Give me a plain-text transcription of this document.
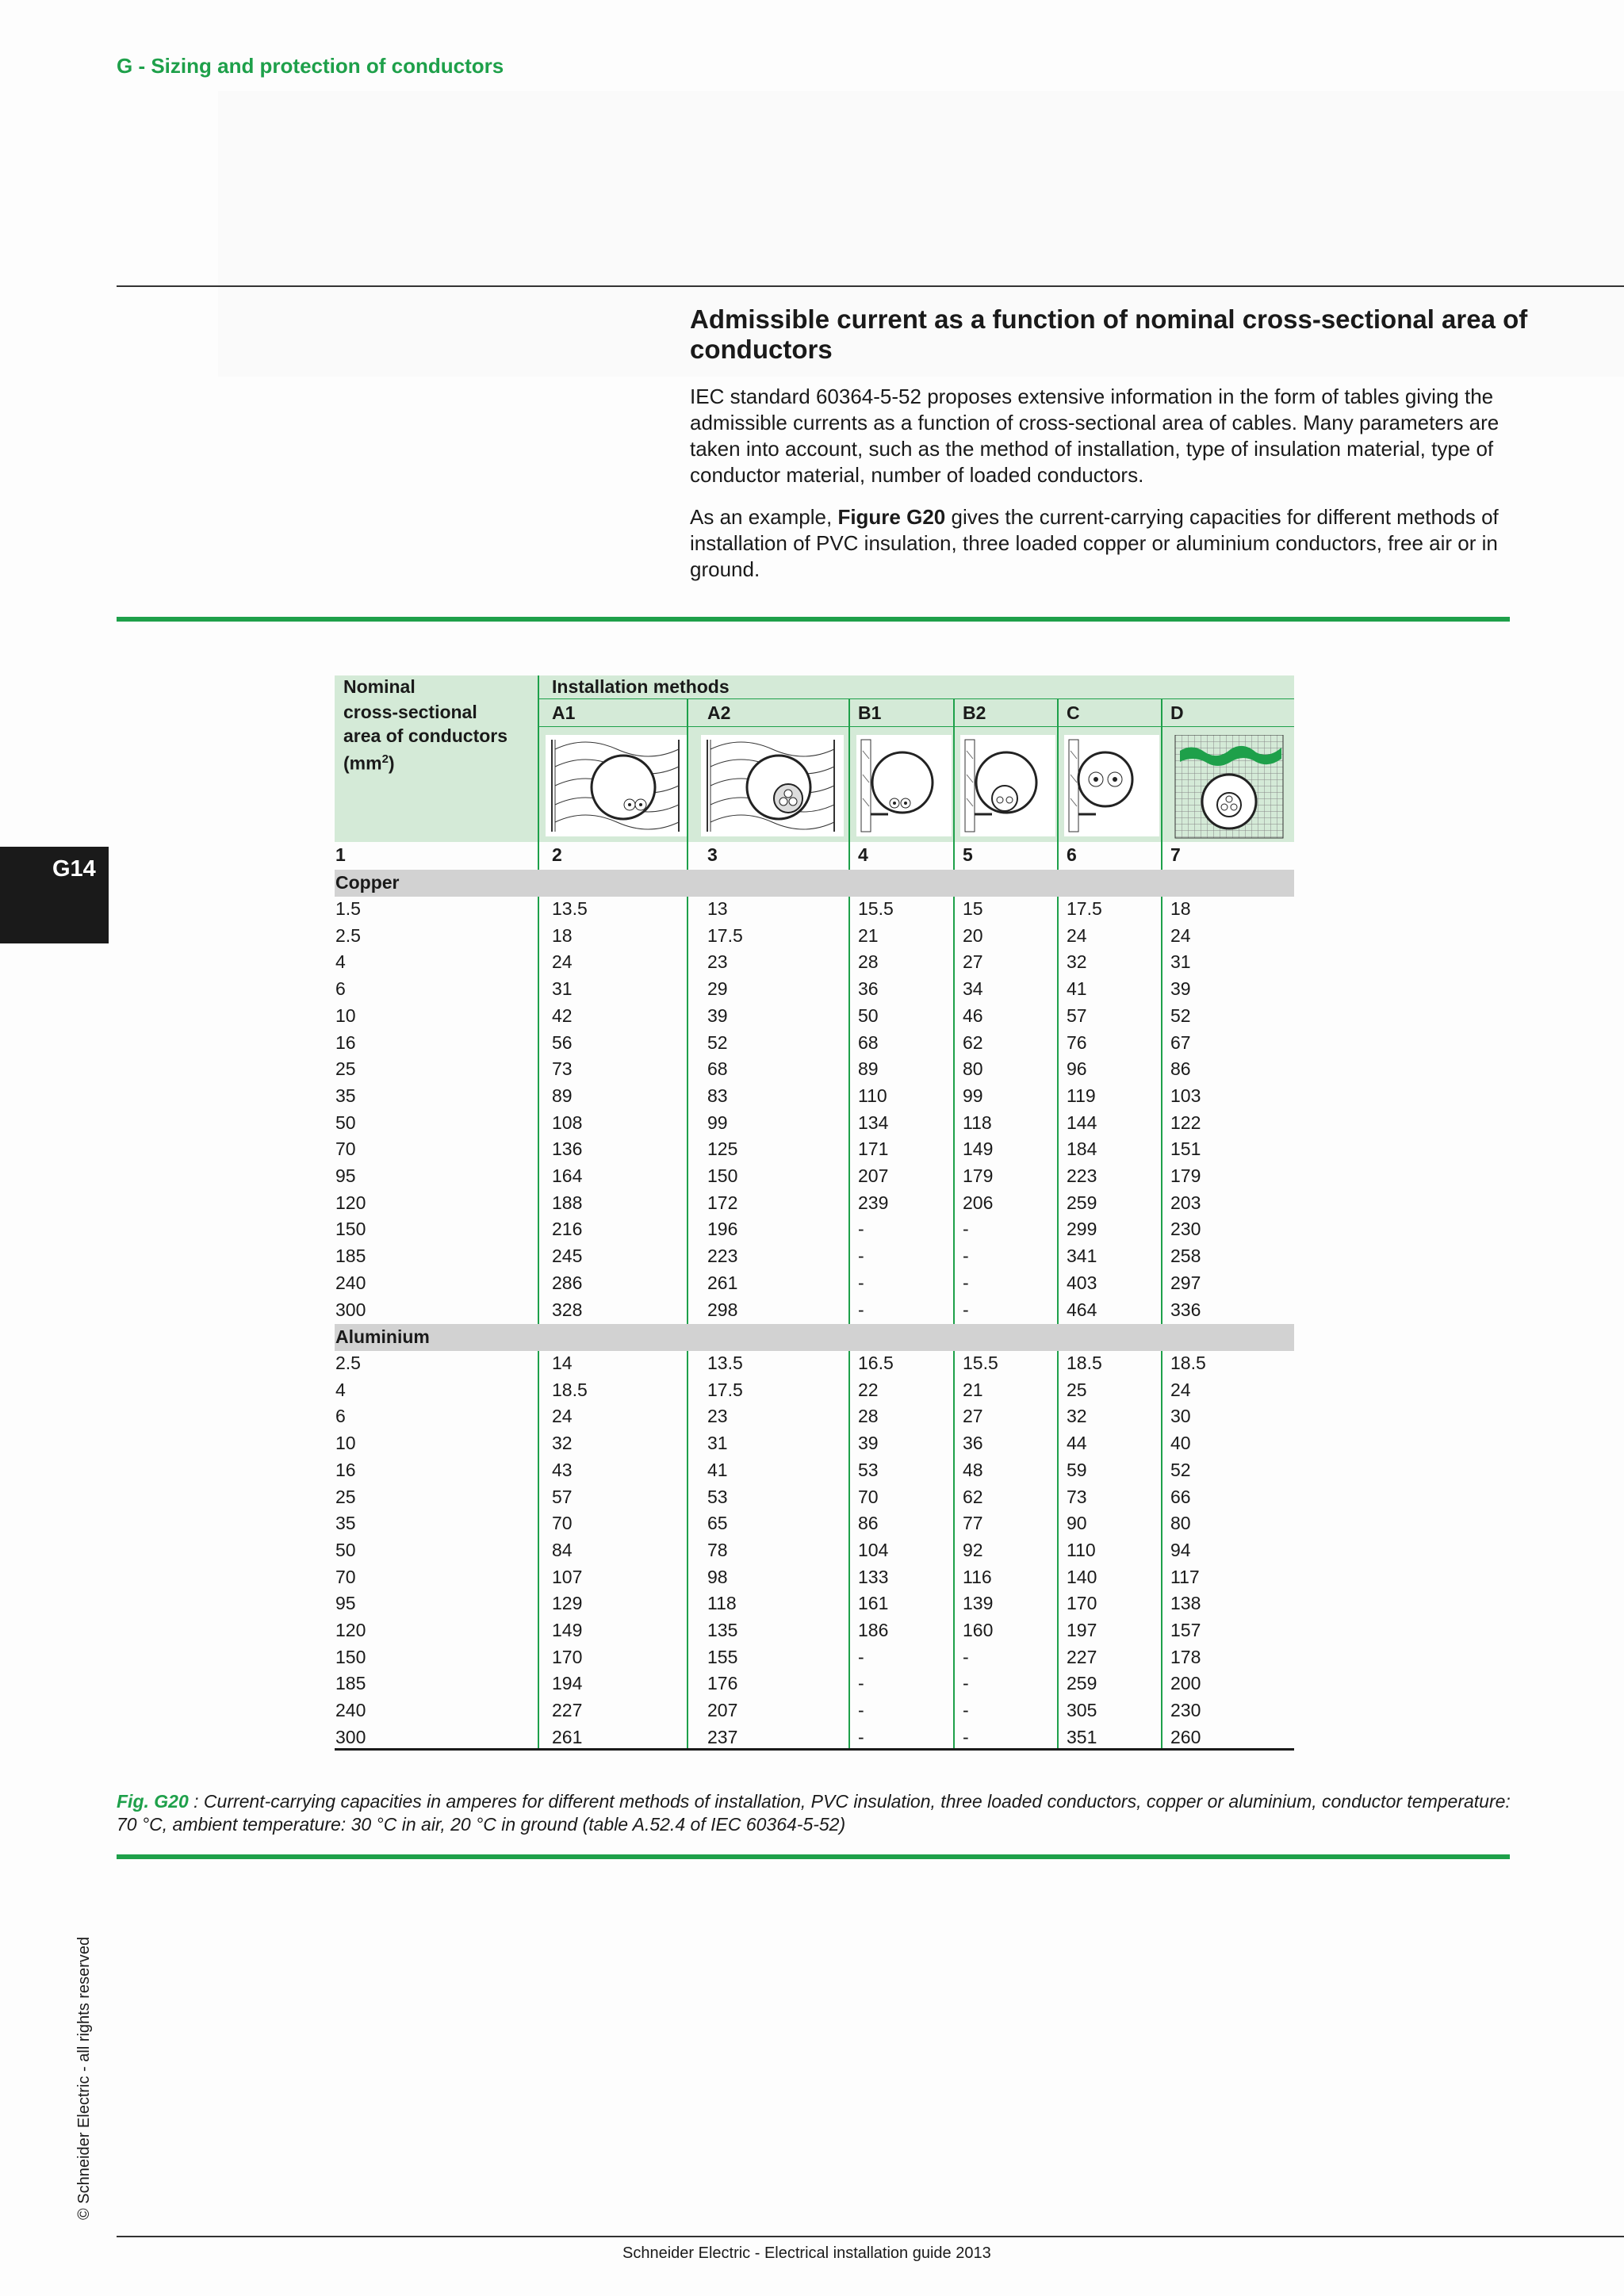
G - Sizing and protection of conductors
Admissible current as a function of nominal cross-sectional area of conductors
IEC standard 60364-5-52 proposes extensive information in the form of tables giving the admissible currents as a function of cross-sectional area of cables. Many parameters are taken into account, such as the method of installation, type of insulation material, type of conductor material, number of loaded conductors.
As an example, Figure G20 gives the current-carrying capacities for different methods of installation of PVC insulation, three loaded copper or aluminium conductors, free air or in ground.
G14
Nominal
cross-sectional
area of conductors
$(mm^2)$
Installation methods
A1	A2	B1	B2	C	D
1	2	3	4	5	6	7
Copper
Aluminium
1.5	13.5	13	15.5	15	17.5	18
2.5	18	17.5	21	20	24	24
4	24	23	28	27	32	31
6	31	29	36	34	41	39
10	42	39	50	46	57	52
16	56	52	68	62	76	67
25	73	68	89	80	96	86
35	89	83	110	99	119	103
50	108	99	134	118	144	122
70	136	125	171	149	184	151
95	164	150	207	179	223	179
120	188	172	239	206	259	203
150	216	196	-	-	299	230
185	245	223	-	-	341	258
240	286	261	-	-	403	297
300	328	298	-	-	464	336
2.5	14	13.5	16.5	15.5	18.5	18.5
4	18.5	17.5	22	21	25	24
6	24	23	28	27	32	30
10	32	31	39	36	44	40
16	43	41	53	48	59	52
25	57	53	70	62	73	66
35	70	65	86	77	90	80
50	84	78	104	92	110	94
70	107	98	133	116	140	117
95	129	118	161	139	170	138
120	149	135	186	160	197	157
150	170	155	-	-	227	178
185	194	176	-	-	259	200
240	227	207	-	-	305	230
300	261	237	-	-	351	260
Fig. G20 : Current-carrying capacities in amperes for different methods of installation, PVC insulation, three loaded conductors, copper or aluminium, conductor temperature: 70 °C, ambient temperature: 30 °C in air, 20 °C in ground (table A.52.4 of IEC 60364-5-52)
© Schneider Electric - all rights reserved
Schneider Electric - Electrical installation guide 2013
